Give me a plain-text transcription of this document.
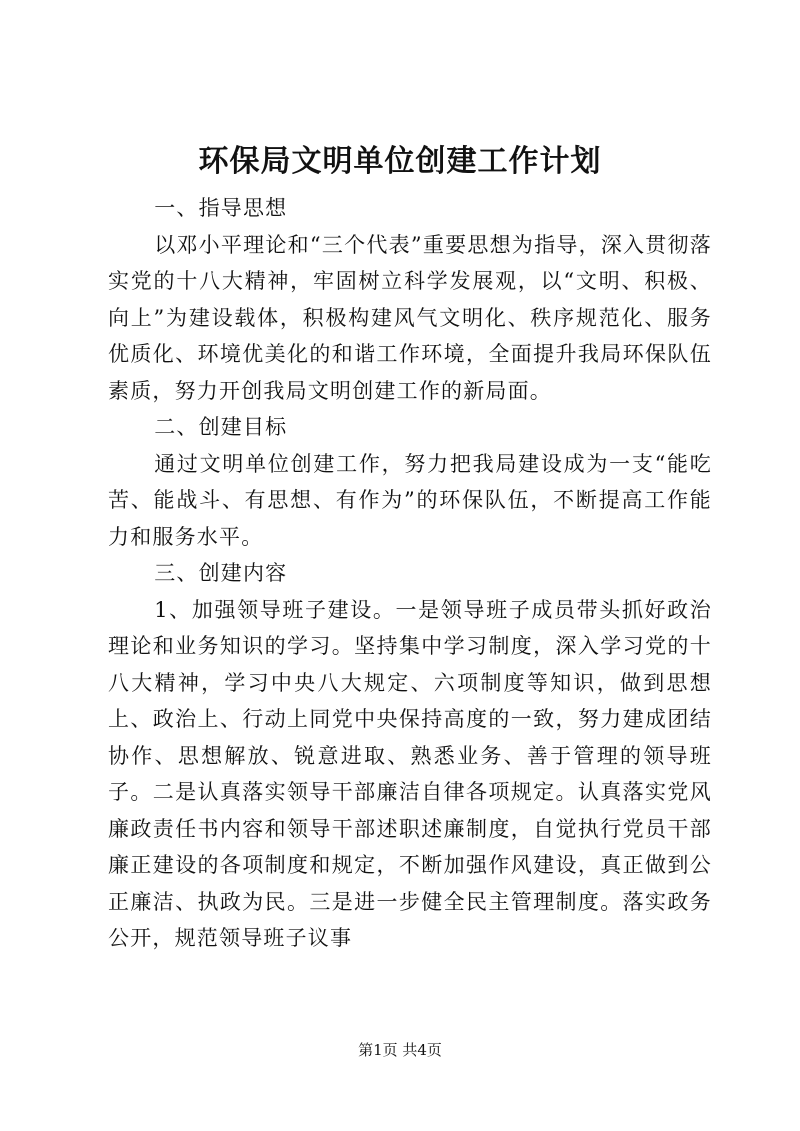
环保局文明单位创建工作计划

一、指导思想

以邓小平理论和“三个代表”重要思想为指导，深入贯彻落实党的十八大精神，牢固树立科学发展观，以“文明、积极、向上”为建设载体，积极构建风气文明化、秩序规范化、服务优质化、环境优美化的和谐工作环境，全面提升我局环保队伍素质，努力开创我局文明创建工作的新局面。

二、创建目标

通过文明单位创建工作，努力把我局建设成为一支“能吃苦、能战斗、有思想、有作为”的环保队伍，不断提高工作能力和服务水平。

三、创建内容

1、加强领导班子建设。一是领导班子成员带头抓好政治理论和业务知识的学习。坚持集中学习制度，深入学习党的十八大精神，学习中央八大规定、六项制度等知识，做到思想上、政治上、行动上同党中央保持高度的一致，努力建成团结协作、思想解放、锐意进取、熟悉业务、善于管理的领导班子。二是认真落实领导干部廉洁自律各项规定。认真落实党风廉政责任书内容和领导干部述职述廉制度，自觉执行党员干部廉正建设的各项制度和规定，不断加强作风建设，真正做到公正廉洁、执政为民。三是进一步健全民主管理制度。落实政务公开，规范领导班子议事

第1页 共4页
